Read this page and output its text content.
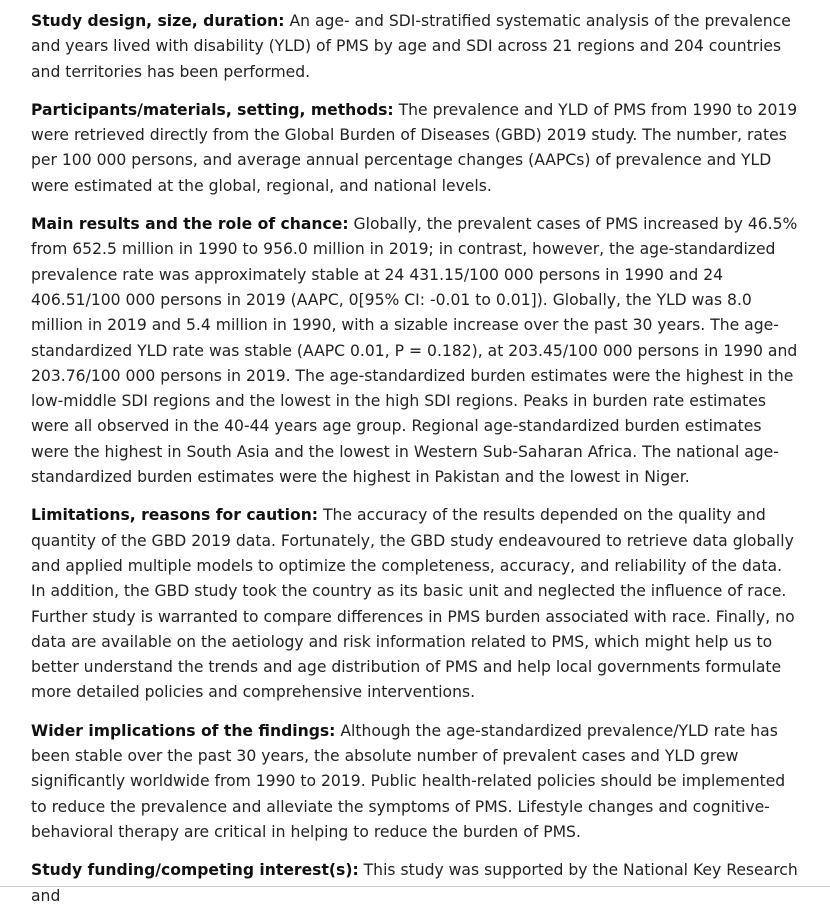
Study design, size, duration: An age- and SDI-stratified systematic analysis of the prevalence and years lived with disability (YLD) of PMS by age and SDI across 21 regions and 204 countries and territories has been performed.

Participants/materials, setting, methods: The prevalence and YLD of PMS from 1990 to 2019 were retrieved directly from the Global Burden of Diseases (GBD) 2019 study. The number, rates per 100 000 persons, and average annual percentage changes (AAPCs) of prevalence and YLD were estimated at the global, regional, and national levels.

Main results and the role of chance: Globally, the prevalent cases of PMS increased by 46.5% from 652.5 million in 1990 to 956.0 million in 2019; in contrast, however, the age-standardized prevalence rate was approximately stable at 24 431.15/100 000 persons in 1990 and 24 406.51/100 000 persons in 2019 (AAPC, 0[95% CI: -0.01 to 0.01]). Globally, the YLD was 8.0 million in 2019 and 5.4 million in 1990, with a sizable increase over the past 30 years. The age-standardized YLD rate was stable (AAPC 0.01, P = 0.182), at 203.45/100 000 persons in 1990 and 203.76/100 000 persons in 2019. The age-standardized burden estimates were the highest in the low-middle SDI regions and the lowest in the high SDI regions. Peaks in burden rate estimates were all observed in the 40-44 years age group. Regional age-standardized burden estimates were the highest in South Asia and the lowest in Western Sub-Saharan Africa. The national age-standardized burden estimates were the highest in Pakistan and the lowest in Niger.

Limitations, reasons for caution: The accuracy of the results depended on the quality and quantity of the GBD 2019 data. Fortunately, the GBD study endeavoured to retrieve data globally and applied multiple models to optimize the completeness, accuracy, and reliability of the data. In addition, the GBD study took the country as its basic unit and neglected the influence of race. Further study is warranted to compare differences in PMS burden associated with race. Finally, no data are available on the aetiology and risk information related to PMS, which might help us to better understand the trends and age distribution of PMS and help local governments formulate more detailed policies and comprehensive interventions.

Wider implications of the findings: Although the age-standardized prevalence/YLD rate has been stable over the past 30 years, the absolute number of prevalent cases and YLD grew significantly worldwide from 1990 to 2019. Public health-related policies should be implemented to reduce the prevalence and alleviate the symptoms of PMS. Lifestyle changes and cognitive-behavioral therapy are critical in helping to reduce the burden of PMS.

Study funding/competing interest(s): This study was supported by the National Key Research and
